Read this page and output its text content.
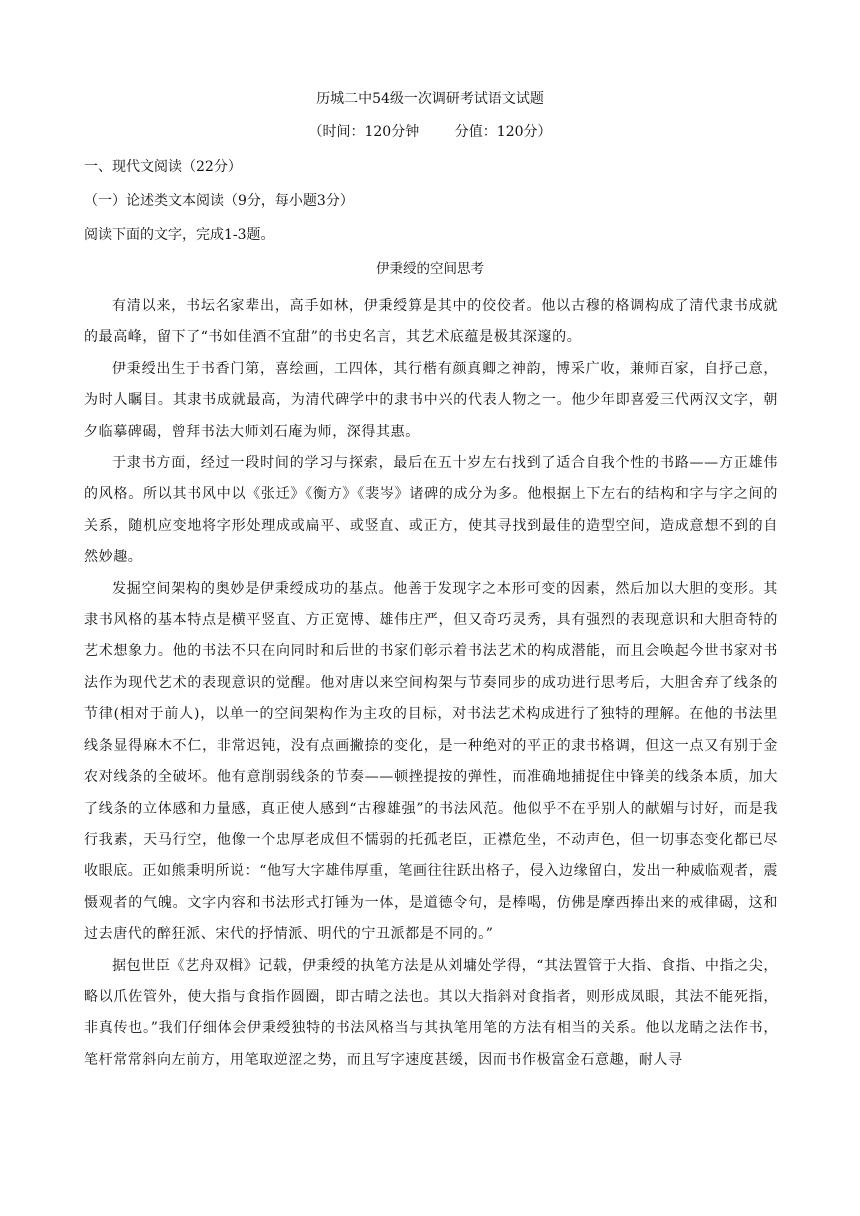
历城二中54级一次调研考试语文试题
（时间：120分钟        分值：120分）
一、现代文阅读（22分）
（一）论述类文本阅读（9分，每小题3分）
阅读下面的文字，完成1-3题。
伊秉绶的空间思考

有清以来，书坛名家辈出，高手如林，伊秉绶算是其中的佼佼者。他以古穆的格调构成了清代隶书成就的最高峰，留下了“书如佳酒不宜甜”的书史名言，其艺术底蕴是极其深邃的。

伊秉绶出生于书香门第，喜绘画，工四体，其行楷有颜真卿之神韵，博采广收，兼师百家，自抒己意，为时人瞩目。其隶书成就最高，为清代碑学中的隶书中兴的代表人物之一。他少年即喜爱三代两汉文字，朝夕临摹碑碣，曾拜书法大师刘石庵为师，深得其惠。

于隶书方面，经过一段时间的学习与探索，最后在五十岁左右找到了适合自我个性的书路——方正雄伟的风格。所以其书风中以《张迁》《衡方》《裴岑》诸碑的成分为多。他根据上下左右的结构和字与字之间的关系，随机应变地将字形处理成或扁平、或竖直、或正方，使其寻找到最佳的造型空间，造成意想不到的自然妙趣。

发掘空间架构的奥妙是伊秉绶成功的基点。他善于发现字之本形可变的因素，然后加以大胆的变形。其隶书风格的基本特点是横平竖直、方正宽博、雄伟庄严，但又奇巧灵秀，具有强烈的表现意识和大胆奇特的艺术想象力。他的书法不只在向同时和后世的书家们彰示着书法艺术的构成潜能，而且会唤起今世书家对书法作为现代艺术的表现意识的觉醒。他对唐以来空间构架与节奏同步的成功进行思考后，大胆舍弃了线条的节律(相对于前人)，以单一的空间架构作为主攻的目标，对书法艺术构成进行了独特的理解。在他的书法里线条显得麻木不仁，非常迟钝，没有点画撇捺的变化，是一种绝对的平正的隶书格调，但这一点又有别于金农对线条的全破坏。他有意削弱线条的节奏——顿挫提按的弹性，而准确地捕捉住中锋美的线条本质，加大了线条的立体感和力量感，真正使人感到“古穆雄强”的书法风范。他似乎不在乎别人的献媚与讨好，而是我行我素，天马行空，他像一个忠厚老成但不懦弱的托孤老臣，正襟危坐，不动声色，但一切事态变化都已尽收眼底。正如熊秉明所说：“他写大字雄伟厚重，笔画往往跃出格子，侵入边缘留白，发出一种威临观者，震慑观者的气魄。文字内容和书法形式打锤为一体，是道德令句，是棒喝，仿佛是摩西捧出来的戒律碣，这和过去唐代的醉狂派、宋代的抒情派、明代的宁丑派都是不同的。”

据包世臣《艺舟双楫》记载，伊秉绶的执笔方法是从刘墉处学得，“其法置管于大指、食指、中指之尖，略以爪佐管外，使大指与食指作圆圈，即古晴之法也。其以大指斜对食指者，则形成凤眼，其法不能死指，非真传也。”我们仔细体会伊秉绶独特的书法风格当与其执笔用笔的方法有相当的关系。他以龙睛之法作书，笔杆常常斜向左前方，用笔取逆涩之势，而且写字速度甚缓，因而书作极富金石意趣，耐人寻
